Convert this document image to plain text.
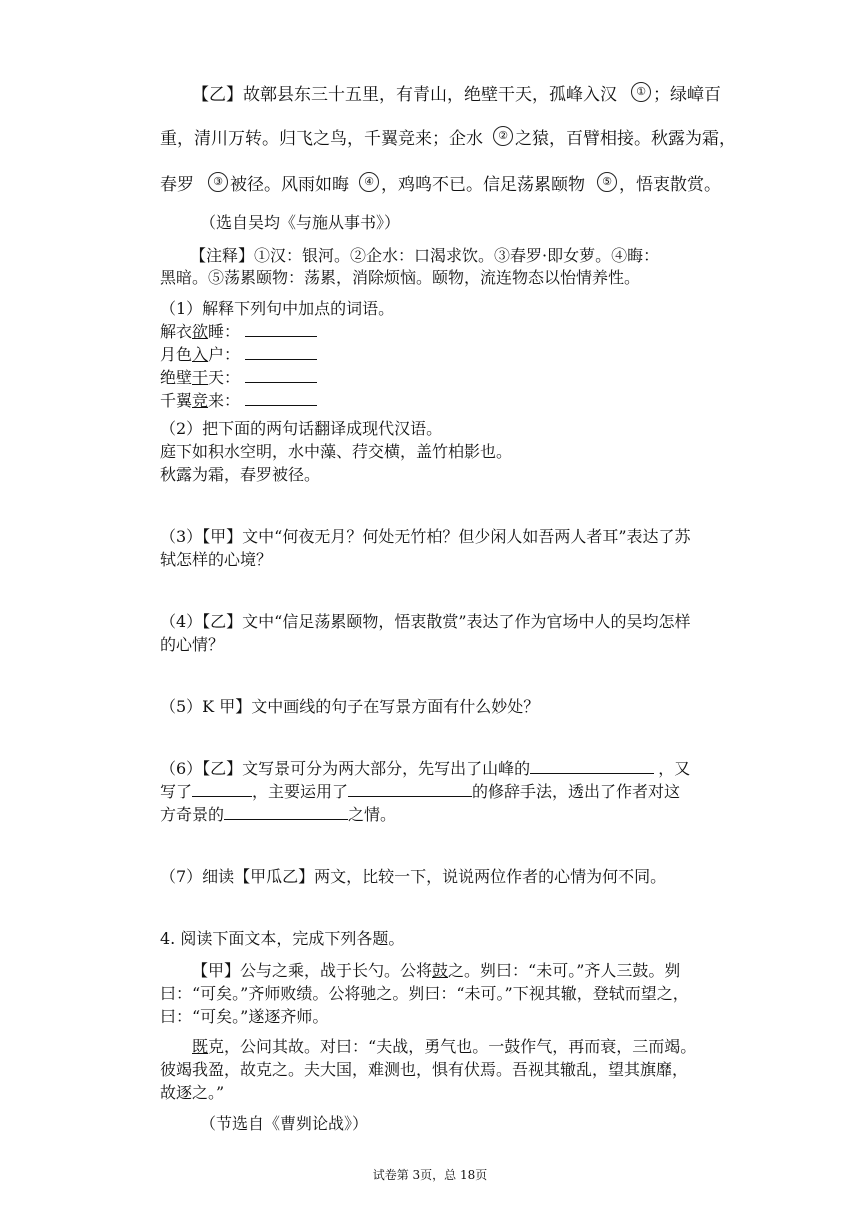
【乙】故鄣县东三十五里，有青山，绝壁干天，孤峰入汉 ① ；绿嶂百
重，清川万转。归飞之鸟，千翼竞来；企水 ② 之猿，百臂相接。秋露为霜，
春罗 ③ 被径。风雨如晦 ④ ，鸡鸣不已。信足荡累颐物 ⑤ ，悟衷散赏。
（选自吴均《与施从事书》）
【注释】①汉：银河。②企水：口渴求饮。③春罗·即女萝。④晦：
黑暗。⑤荡累颐物：荡累，消除烦恼。颐物，流连物态以怡情养性。
（1）解释下列句中加点的词语。
解衣欲睡：
月色入户：
绝壁干天：
千翼竞来：
（2）把下面的两句话翻译成现代汉语。
庭下如积水空明，水中藻、荇交横，盖竹柏影也。
秋露为霜，春罗被径。
（3）【甲】文中“何夜无月？何处无竹柏？但少闲人如吾两人者耳”表达了苏
轼怎样的心境？
（4）【乙】文中“信足荡累颐物，悟衷散赏”表达了作为官场中人的吴均怎样
的心情？
（5）K 甲】文中画线的句子在写景方面有什么妙处？
（6）【乙】文写景可分为两大部分，先写出了山峰的	，又
写了	，主要运用了	的修辞手法，透出了作者对这
方奇景的	之情。
（7）细读【甲瓜乙】两文，比较一下，说说两位作者的心情为何不同。
4. 阅读下面文本，完成下列各题。
【甲】公与之乘，战于长勺。公将鼓之。刿曰：“未可。”齐人三鼓。刿
曰：“可矣。”齐师败绩。公将驰之。刿曰：“未可。”下视其辙，登轼而望之，
曰：“可矣。”遂逐齐师。
既克，公问其故。对曰：“夫战，勇气也。一鼓作气，再而衰，三而竭。
彼竭我盈，故克之。夫大国，难测也，惧有伏焉。吾视其辙乱，望其旗靡，
故逐之。”
（节选自《曹刿论战》）
试卷第 3页，总 18页
